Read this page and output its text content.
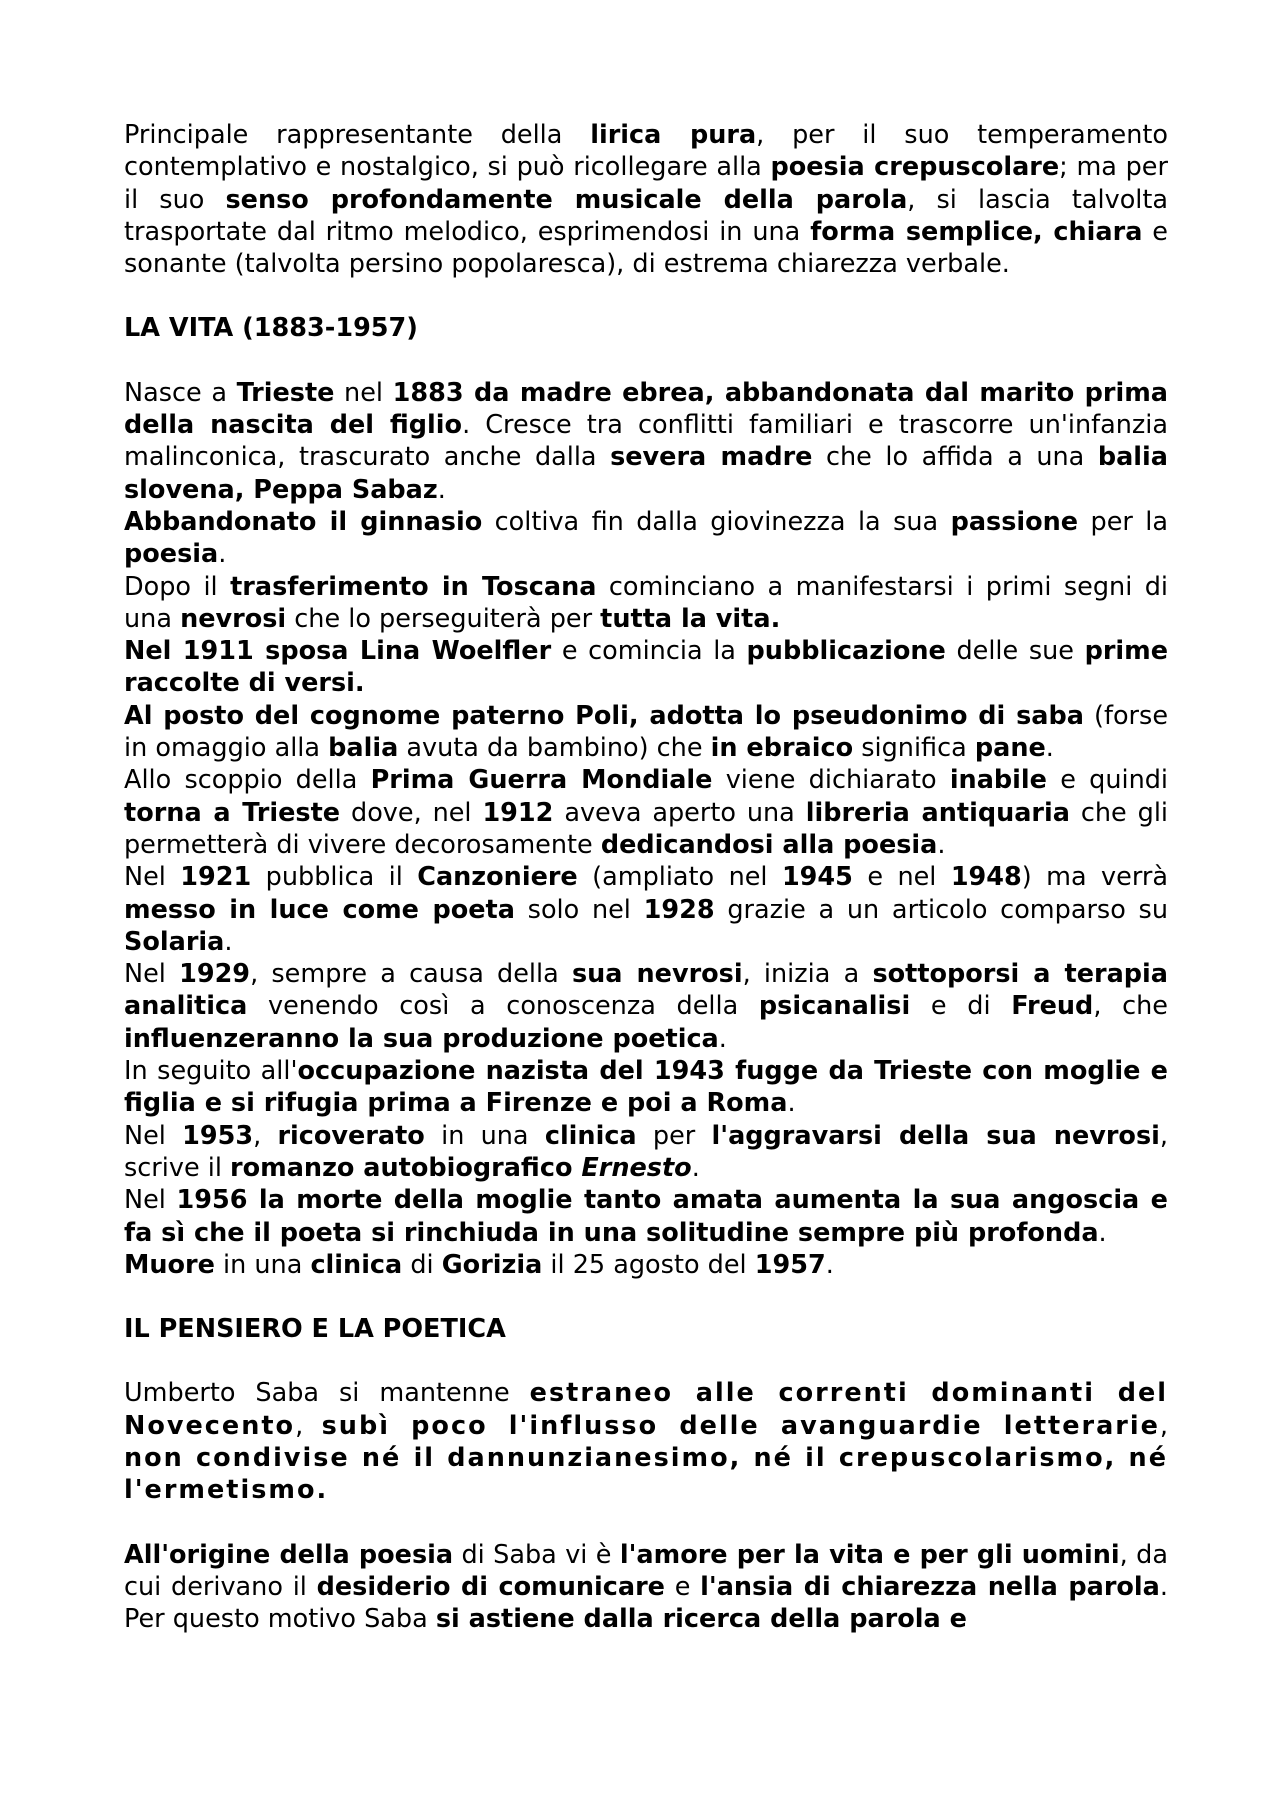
Principale rappresentante della lirica pura, per il suo temperamento contemplativo e nostalgico, si può ricollegare alla poesia crepuscolare; ma per il suo senso profondamente musicale della parola, si lascia talvolta trasportate dal ritmo melodico, esprimendosi in una forma semplice, chiara e sonante (talvolta persino popolaresca), di estrema chiarezza verbale.

LA VITA (1883-1957)

Nasce a Trieste nel 1883 da madre ebrea, abbandonata dal marito prima della nascita del figlio. Cresce tra conflitti familiari e trascorre un'infanzia malinconica, trascurato anche dalla severa madre che lo affida a una balia slovena, Peppa Sabaz.

Abbandonato il ginnasio coltiva fin dalla giovinezza la sua passione per la poesia.

Dopo il trasferimento in Toscana cominciano a manifestarsi i primi segni di una nevrosi che lo perseguiterà per tutta la vita.

Nel 1911 sposa Lina Woelfler e comincia la pubblicazione delle sue prime raccolte di versi.

Al posto del cognome paterno Poli, adotta lo pseudonimo di saba (forse in omaggio alla balia avuta da bambino) che in ebraico significa pane.

Allo scoppio della Prima Guerra Mondiale viene dichiarato inabile e quindi torna a Trieste dove, nel 1912 aveva aperto una libreria antiquaria che gli permetterà di vivere decorosamente dedicandosi alla poesia.

Nel 1921 pubblica il Canzoniere (ampliato nel 1945 e nel 1948) ma verrà messo in luce come poeta solo nel 1928 grazie a un articolo comparso su Solaria.

Nel 1929, sempre a causa della sua nevrosi, inizia a sottoporsi a terapia analitica venendo così a conoscenza della psicanalisi e di Freud, che influenzeranno la sua produzione poetica.

In seguito all'occupazione nazista del 1943 fugge da Trieste con moglie e figlia e si rifugia prima a Firenze e poi a Roma.

Nel 1953, ricoverato in una clinica per l'aggravarsi della sua nevrosi, scrive il romanzo autobiografico Ernesto.

Nel 1956 la morte della moglie tanto amata aumenta la sua angoscia e fa sì che il poeta si rinchiuda in una solitudine sempre più profonda.

Muore in una clinica di Gorizia il 25 agosto del 1957.

IL PENSIERO E LA POETICA

Umberto Saba si mantenne estraneo alle correnti dominanti del Novecento, subì poco l'influsso delle avanguardie letterarie, non condivise né il dannunzianesimo, né il crepuscolarismo, né l'ermetismo.

All'origine della poesia di Saba vi è l'amore per la vita e per gli uomini, da cui derivano il desiderio di comunicare e l'ansia di chiarezza nella parola. Per questo motivo Saba si astiene dalla ricerca della parola e
